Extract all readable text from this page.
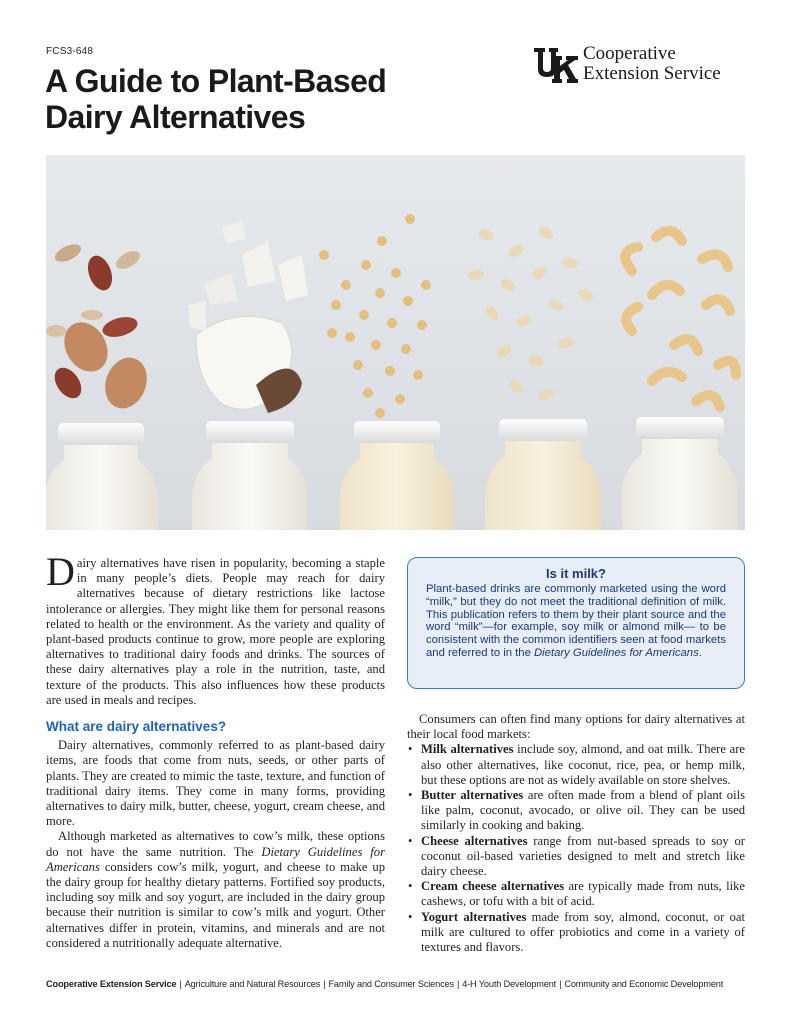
FCS3-648
A Guide to Plant-Based
Dairy Alternatives
Cooperative
Extension Service

Dairy alternatives have risen in popularity, becoming a staple in many people’s diets. People may reach for dairy alternatives because of dietary restrictions like lactose intolerance or allergies. They might like them for personal reasons related to health or the environment. As the variety and quality of plant-based products continue to grow, more people are exploring alternatives to traditional dairy foods and drinks. The sources of these dairy alternatives play a role in the nutrition, taste, and texture of the products. This also influences how these products are used in meals and recipes.

What are dairy alternatives?

Dairy alternatives, commonly referred to as plant-based dairy items, are foods that come from nuts, seeds, or other parts of plants. They are created to mimic the taste, texture, and function of traditional dairy items. They come in many forms, providing alternatives to dairy milk, butter, cheese, yogurt, cream cheese, and more.

Although marketed as alternatives to cow’s milk, these options do not have the same nutrition. The Dietary Guidelines for Americans considers cow’s milk, yogurt, and cheese to make up the dairy group for healthy dietary patterns. Fortified soy products, including soy milk and soy yogurt, are included in the dairy group because their nutrition is similar to cow’s milk and yogurt. Other alternatives differ in protein, vitamins, and minerals and are not considered a nutritionally adequate alternative.

Is it milk?
Plant-based drinks are commonly marketed using the word “milk,” but they do not meet the traditional definition of milk. This publication refers to them by their plant source and the word “milk”—for example, soy milk or almond milk— to be consistent with the common identifiers seen at food markets and referred to in the Dietary Guidelines for Americans.

Consumers can often find many options for dairy alternatives at their local food markets:

• Milk alternatives include soy, almond, and oat milk. There are also other alternatives, like coconut, rice, pea, or hemp milk, but these options are not as widely available on store shelves.
• Butter alternatives are often made from a blend of plant oils like palm, coconut, avocado, or olive oil. They can be used similarly in cooking and baking.
• Cheese alternatives range from nut-based spreads to soy or coconut oil-based varieties designed to melt and stretch like dairy cheese.
• Cream cheese alternatives are typically made from nuts, like cashews, or tofu with a bit of acid.
• Yogurt alternatives made from soy, almond, coconut, or oat milk are cultured to offer probiotics and come in a variety of textures and flavors.
Cooperative Extension Service | Agriculture and Natural Resources | Family and Consumer Sciences | 4-H Youth Development | Community and Economic Development
